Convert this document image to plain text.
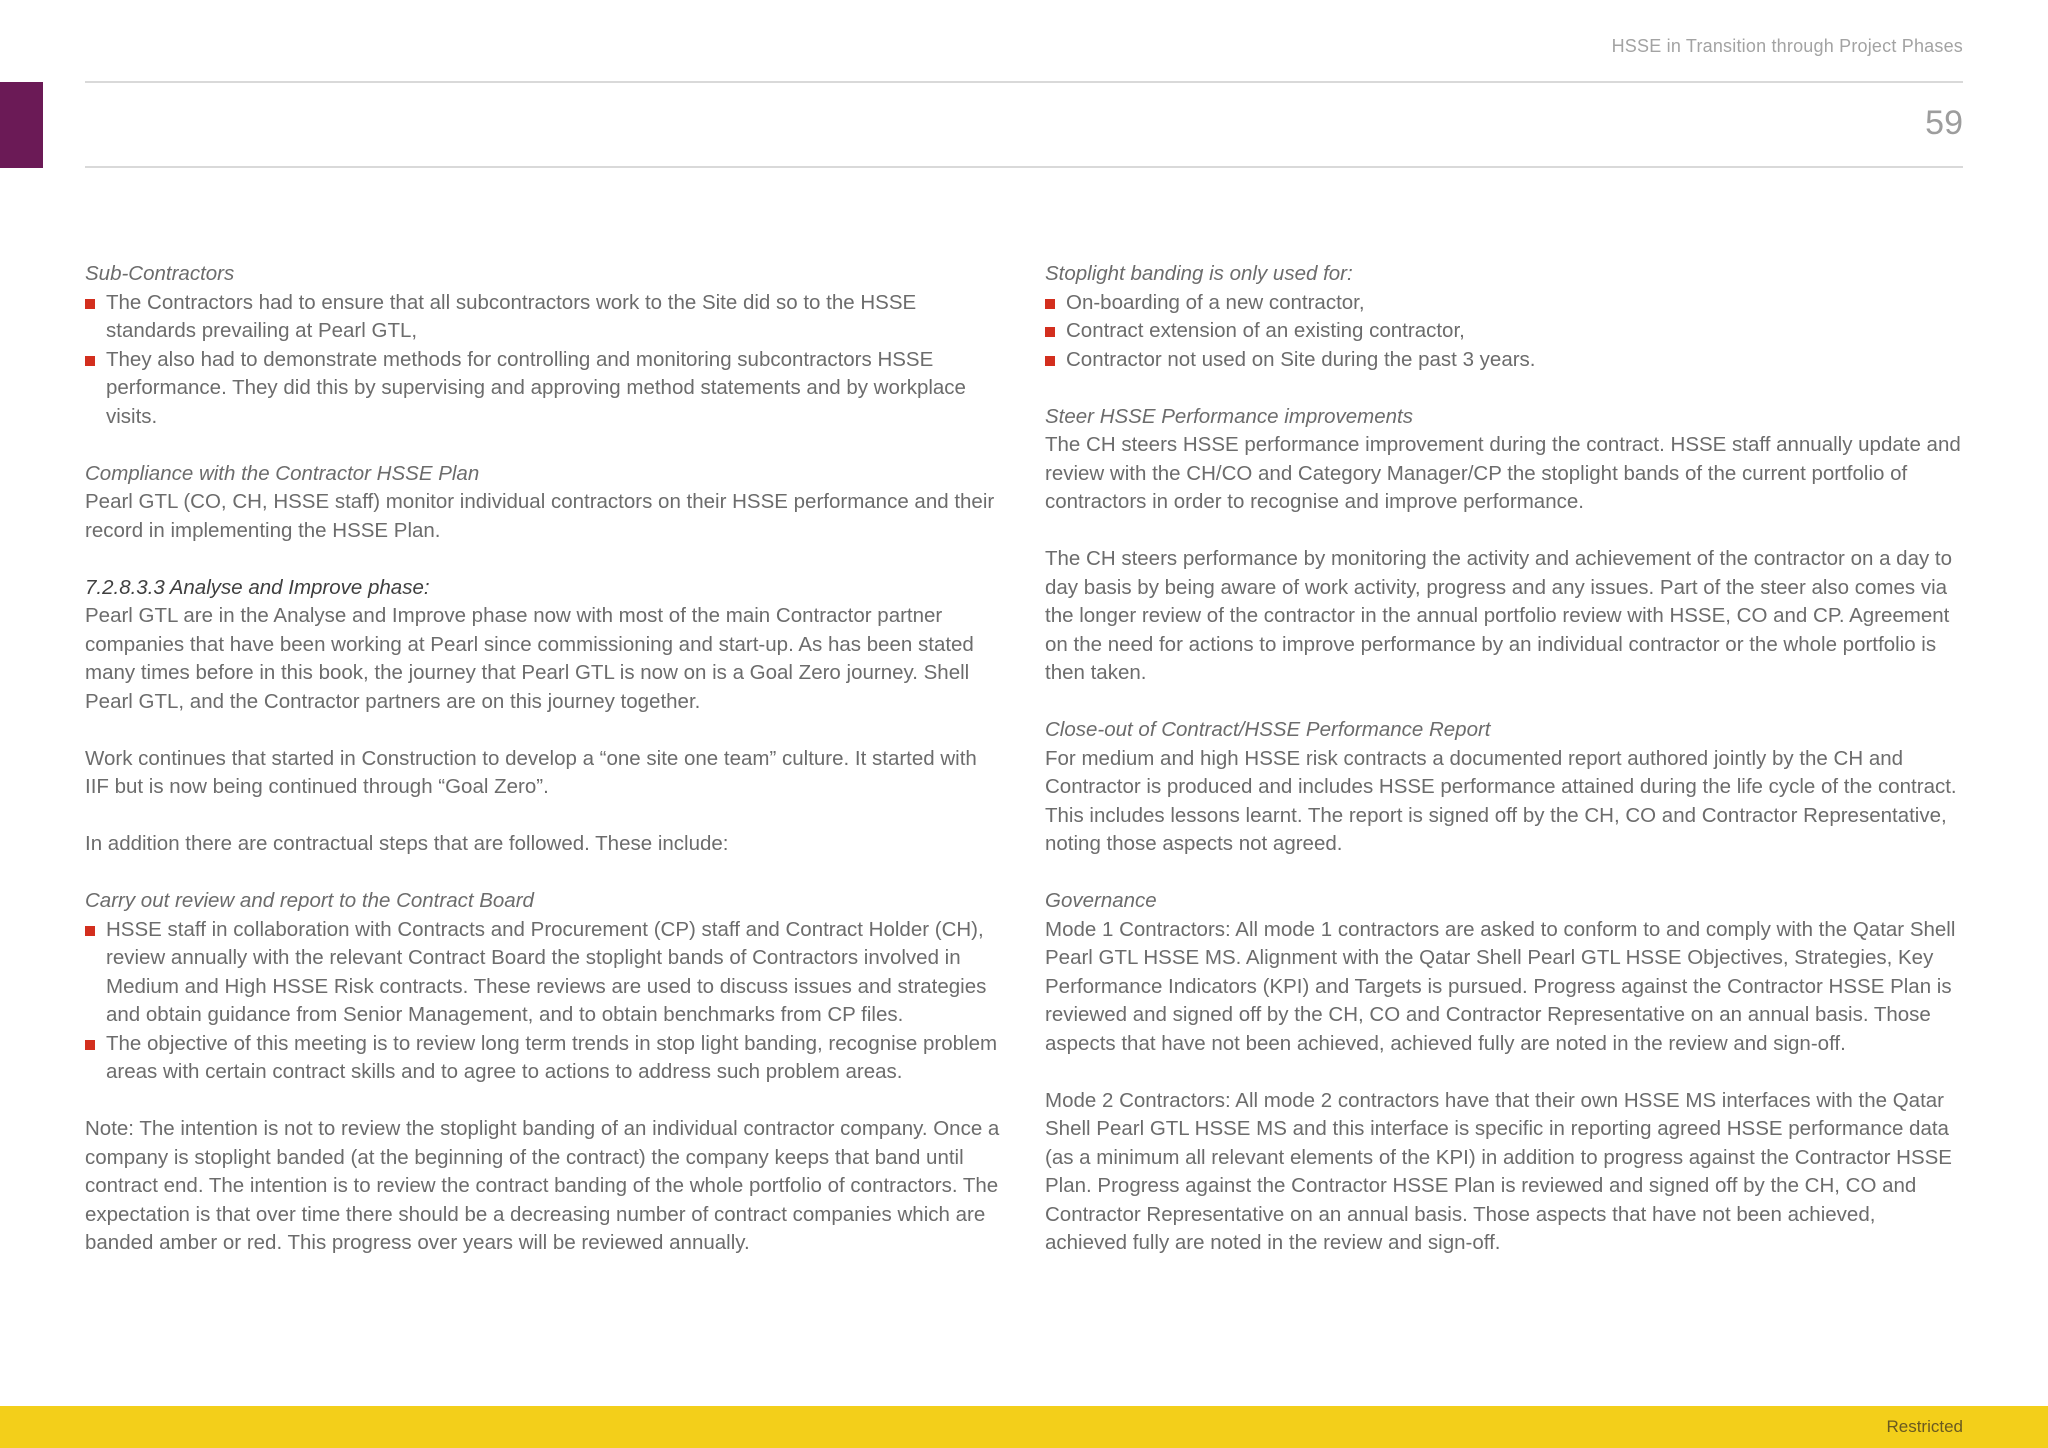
HSSE in Transition through Project Phases
59

Sub-Contractors

The Contractors had to ensure that all subcontractors work to the Site did so to the HSSE standards prevailing at Pearl GTL,
They also had to demonstrate methods for controlling and monitoring subcontractors HSSE performance. They did this by supervising and approving method statements and by workplace visits.

Compliance with the Contractor HSSE Plan

Pearl GTL (CO, CH, HSSE staff) monitor individual contractors on their HSSE performance and their record in implementing the HSSE Plan.

7.2.8.3.3 Analyse and Improve phase:

Pearl GTL are in the Analyse and Improve phase now with most of the main Contractor partner companies that have been working at Pearl since commissioning and start-up. As has been stated many times before in this book, the journey that Pearl GTL is now on is a Goal Zero journey. Shell Pearl GTL, and the Contractor partners are on this journey together.

Work continues that started in Construction to develop a “one site one team” culture. It started with IIF but is now being continued through “Goal Zero”.

In addition there are contractual steps that are followed. These include:

Carry out review and report to the Contract Board

HSSE staff in collaboration with Contracts and Procurement (CP) staff and Contract Holder (CH), review annually with the relevant Contract Board the stoplight bands of Contractors involved in Medium and High HSSE Risk contracts. These reviews are used to discuss issues and strategies and obtain guidance from Senior Management, and to obtain benchmarks from CP files.
The objective of this meeting is to review long term trends in stop light banding, recognise problem areas with certain contract skills and to agree to actions to address such problem areas.

Note: The intention is not to review the stoplight banding of an individual contractor company. Once a company is stoplight banded (at the beginning of the contract) the company keeps that band until contract end. The intention is to review the contract banding of the whole portfolio of contractors. The expectation is that over time there should be a decreasing number of contract companies which are banded amber or red. This progress over years will be reviewed annually.

Stoplight banding is only used for:

On-boarding of a new contractor,
Contract extension of an existing contractor,
Contractor not used on Site during the past 3 years.

Steer HSSE Performance improvements

The CH steers HSSE performance improvement during the contract. HSSE staff annually update and review with the CH/CO and Category Manager/CP the stoplight bands of the current portfolio of contractors in order to recognise and improve performance.

The CH steers performance by monitoring the activity and achievement of the contractor on a day to day basis by being aware of work activity, progress and any issues. Part of the steer also comes via the longer review of the contractor in the annual portfolio review with HSSE, CO and CP. Agreement on the need for actions to improve performance by an individual contractor or the whole portfolio is then taken.

Close-out of Contract/HSSE Performance Report

For medium and high HSSE risk contracts a documented report authored jointly by the CH and Contractor is produced and includes HSSE performance attained during the life cycle of the contract. This includes lessons learnt. The report is signed off by the CH, CO and Contractor Representative, noting those aspects not agreed.

Governance

Mode 1 Contractors: All mode 1 contractors are asked to conform to and comply with the Qatar Shell Pearl GTL HSSE MS. Alignment with the Qatar Shell Pearl GTL HSSE Objectives, Strategies, Key Performance Indicators (KPI) and Targets is pursued. Progress against the Contractor HSSE Plan is reviewed and signed off by the CH, CO and Contractor Representative on an annual basis. Those aspects that have not been achieved, achieved fully are noted in the review and sign-off.

Mode 2 Contractors: All mode 2 contractors have that their own HSSE MS interfaces with the Qatar Shell Pearl GTL HSSE MS and this interface is specific in reporting agreed HSSE performance data (as a minimum all relevant elements of the KPI) in addition to progress against the Contractor HSSE Plan. Progress against the Contractor HSSE Plan is reviewed and signed off by the CH, CO and Contractor Representative on an annual basis. Those aspects that have not been achieved, achieved fully are noted in the review and sign-off.

Restricted
